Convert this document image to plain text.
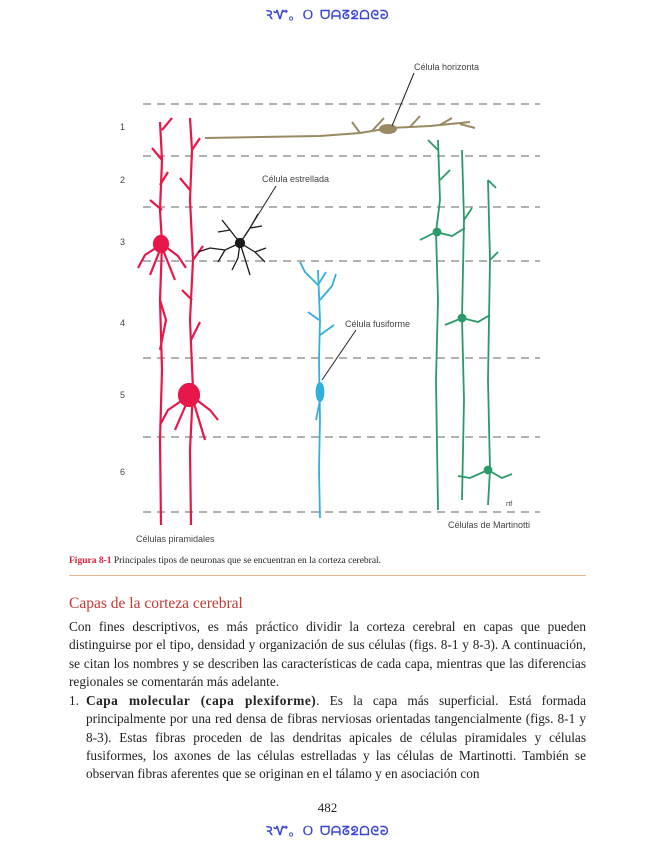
ꝚᏉ。Ｏ ᗜᗩᘔᘖᗝᘓᘒ
1
2
3
4
5
6
Célula horizonta
Célula estrellada
Célula fusiforme
Células piramidales
Células de Martinotti
rtf
Figura 8-1 Principales tipos de neuronas que se encuentran en la corteza cerebral.
Capas de la corteza cerebral

Con fines descriptivos, es más práctico dividir la corteza cerebral en capas que pueden distinguirse por el tipo, densidad y organización de sus células (figs. 8-1 y 8-3). A continuación, se citan los nombres y se describen las características de cada capa, mientras que las diferencias regionales se comentarán más adelante.

1. Capa molecular (capa plexiforme). Es la capa más superficial. Está formada principalmente por una red densa de fibras nerviosas orientadas tangencialmente (figs. 8-1 y 8-3). Estas fibras proceden de las dendritas apicales de células piramidales y células fusiformes, los axones de las células estrelladas y las células de Martinotti. También se observan fibras aferentes que se originan en el tálamo y en asociación con
482
ꝚᏉ。Ｏ ᗜᗩᘔᘖᗝᘓᘒ
